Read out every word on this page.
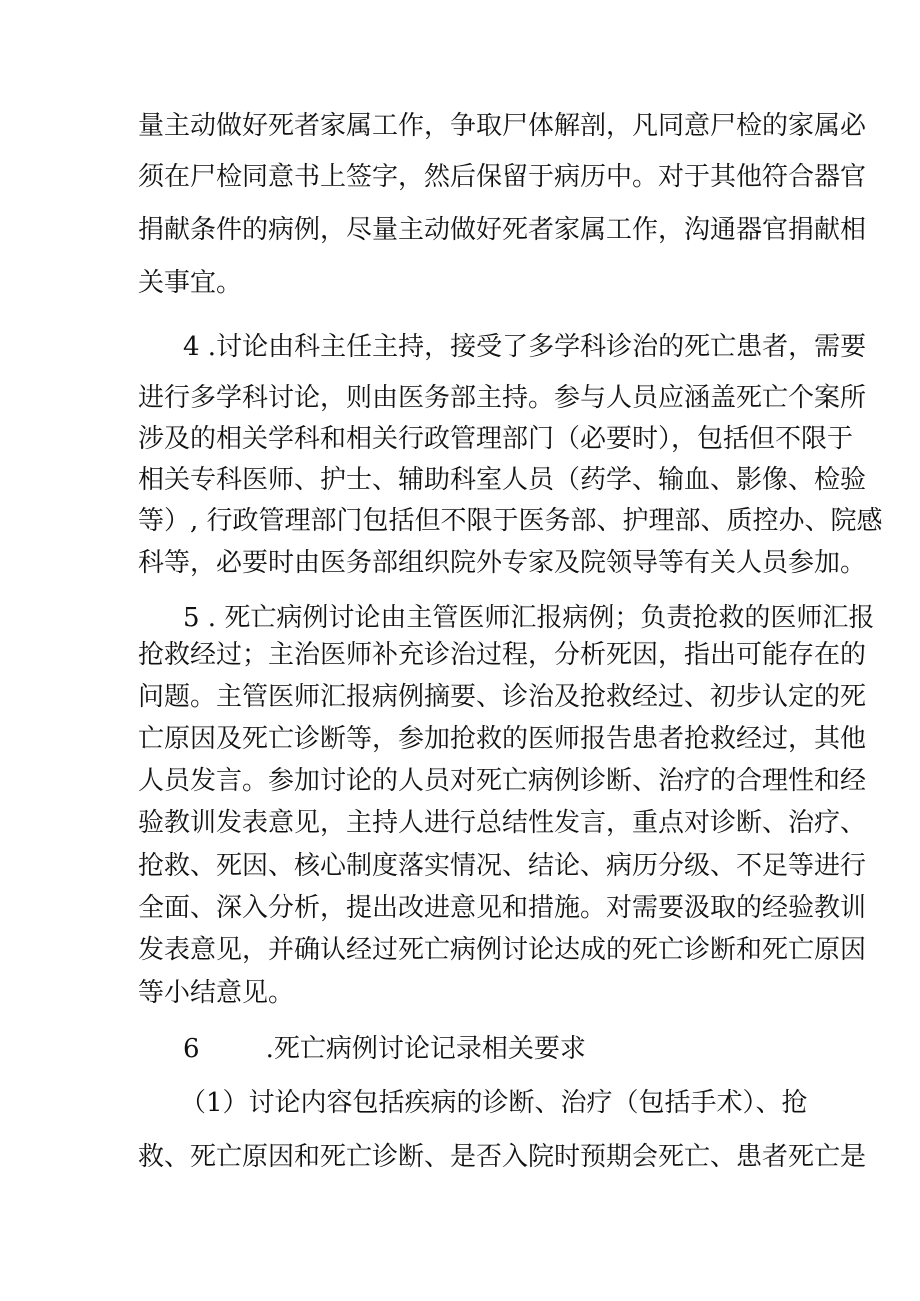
量主动做好死者家属工作，争取尸体解剖，凡同意尸检的家属必
须在尸检同意书上签字，然后保留于病历中。对于其他符合器官
捐献条件的病例，尽量主动做好死者家属工作，沟通器官捐献相
关事宜。
4 .讨论由科主任主持，接受了多学科诊治的死亡患者，需要
进行多学科讨论，则由医务部主持。参与人员应涵盖死亡个案所
涉及的相关学科和相关行政管理部门（必要时），包括但不限于
相关专科医师、护士、辅助科室人员（药学、输血、影像、检验
等）, 行政管理部门包括但不限于医务部、护理部、质控办、院感
科等，必要时由医务部组织院外专家及院领导等有关人员参加。
5 . 死亡病例讨论由主管医师汇报病例；负责抢救的医师汇报
抢救经过；主治医师补充诊治过程，分析死因，指出可能存在的
问题。主管医师汇报病例摘要、诊治及抢救经过、初步认定的死
亡原因及死亡诊断等，参加抢救的医师报告患者抢救经过，其他
人员发言。参加讨论的人员对死亡病例诊断、治疗的合理性和经
验教训发表意见，主持人进行总结性发言，重点对诊断、治疗、
抢救、死因、核心制度落实情况、结论、病历分级、不足等进行
全面、深入分析，提出改进意见和措施。对需要汲取的经验教训
发表意见，并确认经过死亡病例讨论达成的死亡诊断和死亡原因
等小结意见。
6        .死亡病例讨论记录相关要求
（1）讨论内容包括疾病的诊断、治疗（包括手术）、抢
救、死亡原因和死亡诊断、是否入院时预期会死亡、患者死亡是
